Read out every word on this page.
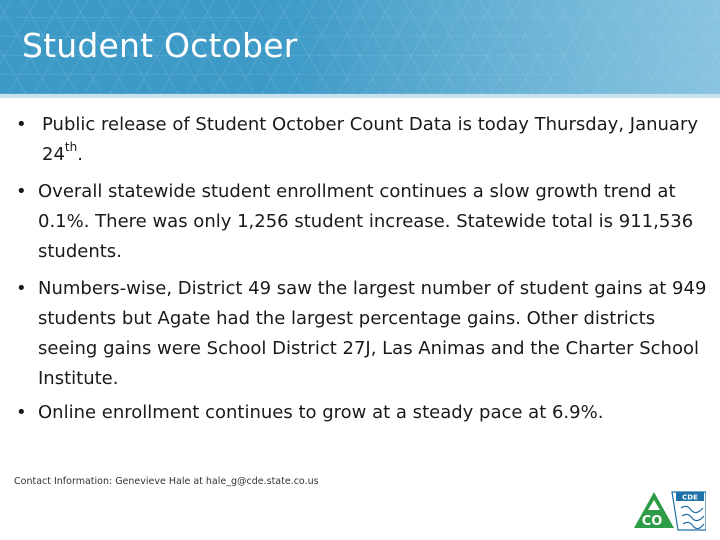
Student October
• Public release of Student October Count Data is today Thursday, January 24th.
• Overall statewide student enrollment continues a slow growth trend at 0.1%. There was only 1,256 student increase. Statewide total is 911,536 students.
• Numbers-wise, District 49 saw the largest number of student gains at 949 students but Agate had the largest percentage gains. Other districts seeing gains were School District 27J, Las Animas and the Charter School Institute.
• Online enrollment continues to grow at a steady pace at 6.9%.
Contact Information: Genevieve Hale at hale_g@cde.state.co.us
CDE
CO
